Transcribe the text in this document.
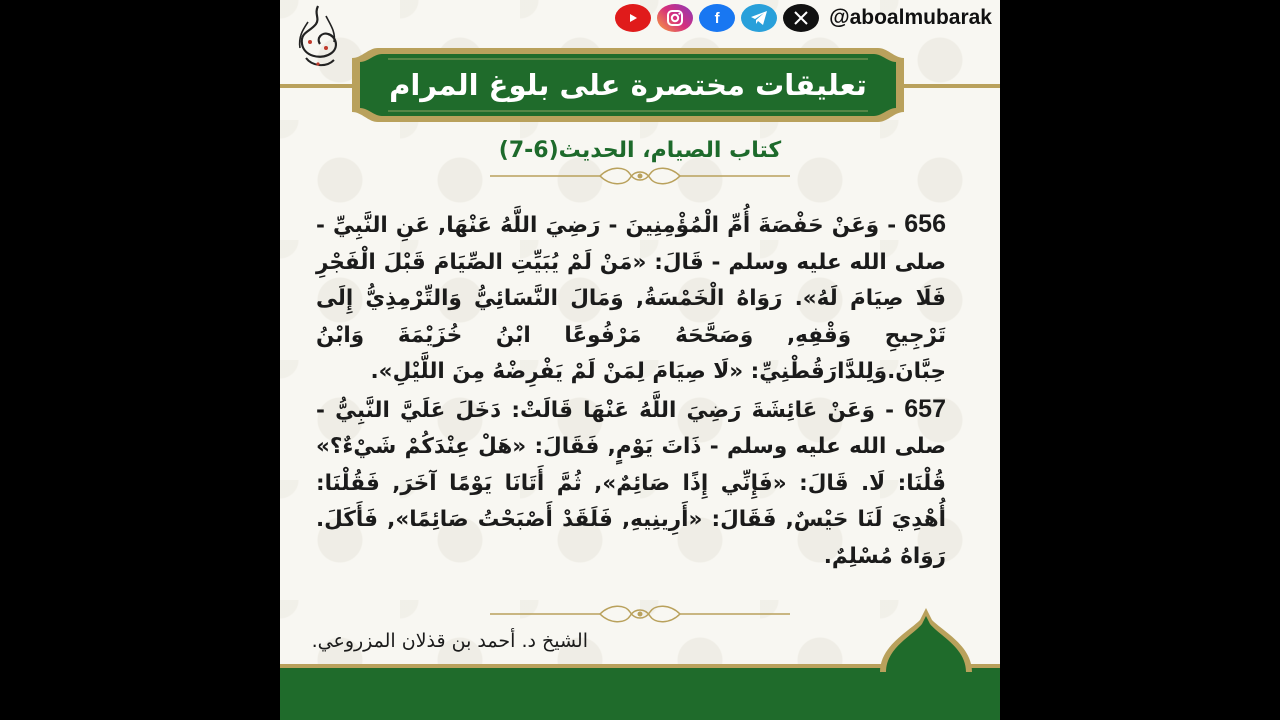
f	@aboalmubarak
تعليقات مختصرة على بلوغ المرام
كتاب الصيام، الحديث(6-7)

656 - وَعَنْ حَفْصَةَ أُمِّ الْمُؤْمِنِينَ - رَضِيَ اللَّهُ عَنْهَا, عَنِ النَّبِيِّ - صلى الله عليه وسلم - قَالَ: «مَنْ لَمْ يُبَيِّتِ الصِّيَامَ قَبْلَ الْفَجْرِ فَلَا صِيَامَ لَهُ». رَوَاهُ الْخَمْسَةُ, وَمَالَ النَّسَائِيُّ وَالتِّرْمِذِيُّ إِلَى تَرْجِيحِ وَقْفِهِ, وَصَحَّحَهُ مَرْفُوعًا ابْنُ خُزَيْمَةَ وَابْنُ حِبَّانَ.وَلِلدَّارَقُطْنِيِّ: «لَا صِيَامَ لِمَنْ لَمْ يَفْرِضْهُ مِنَ اللَّيْلِ».

657 - وَعَنْ عَائِشَةَ رَضِيَ اللَّهُ عَنْهَا قَالَتْ: دَخَلَ عَلَيَّ النَّبِيُّ - صلى الله عليه وسلم - ذَاتَ يَوْمٍ, فَقَالَ: «هَلْ عِنْدَكُمْ شَيْءٌ؟» قُلْنَا: لَا. قَالَ: «فَإِنِّي إِذًا صَائِمٌ», ثُمَّ أَتَانَا يَوْمًا آخَرَ, فَقُلْنَا: أُهْدِيَ لَنَا حَيْسٌ, فَقَالَ: «أَرِينِيهِ, فَلَقَدْ أَصْبَحْتُ صَائِمًا», فَأَكَلَ. رَوَاهُ مُسْلِمٌ.

الشيخ د. أحمد بن قذلان المزروعي.
